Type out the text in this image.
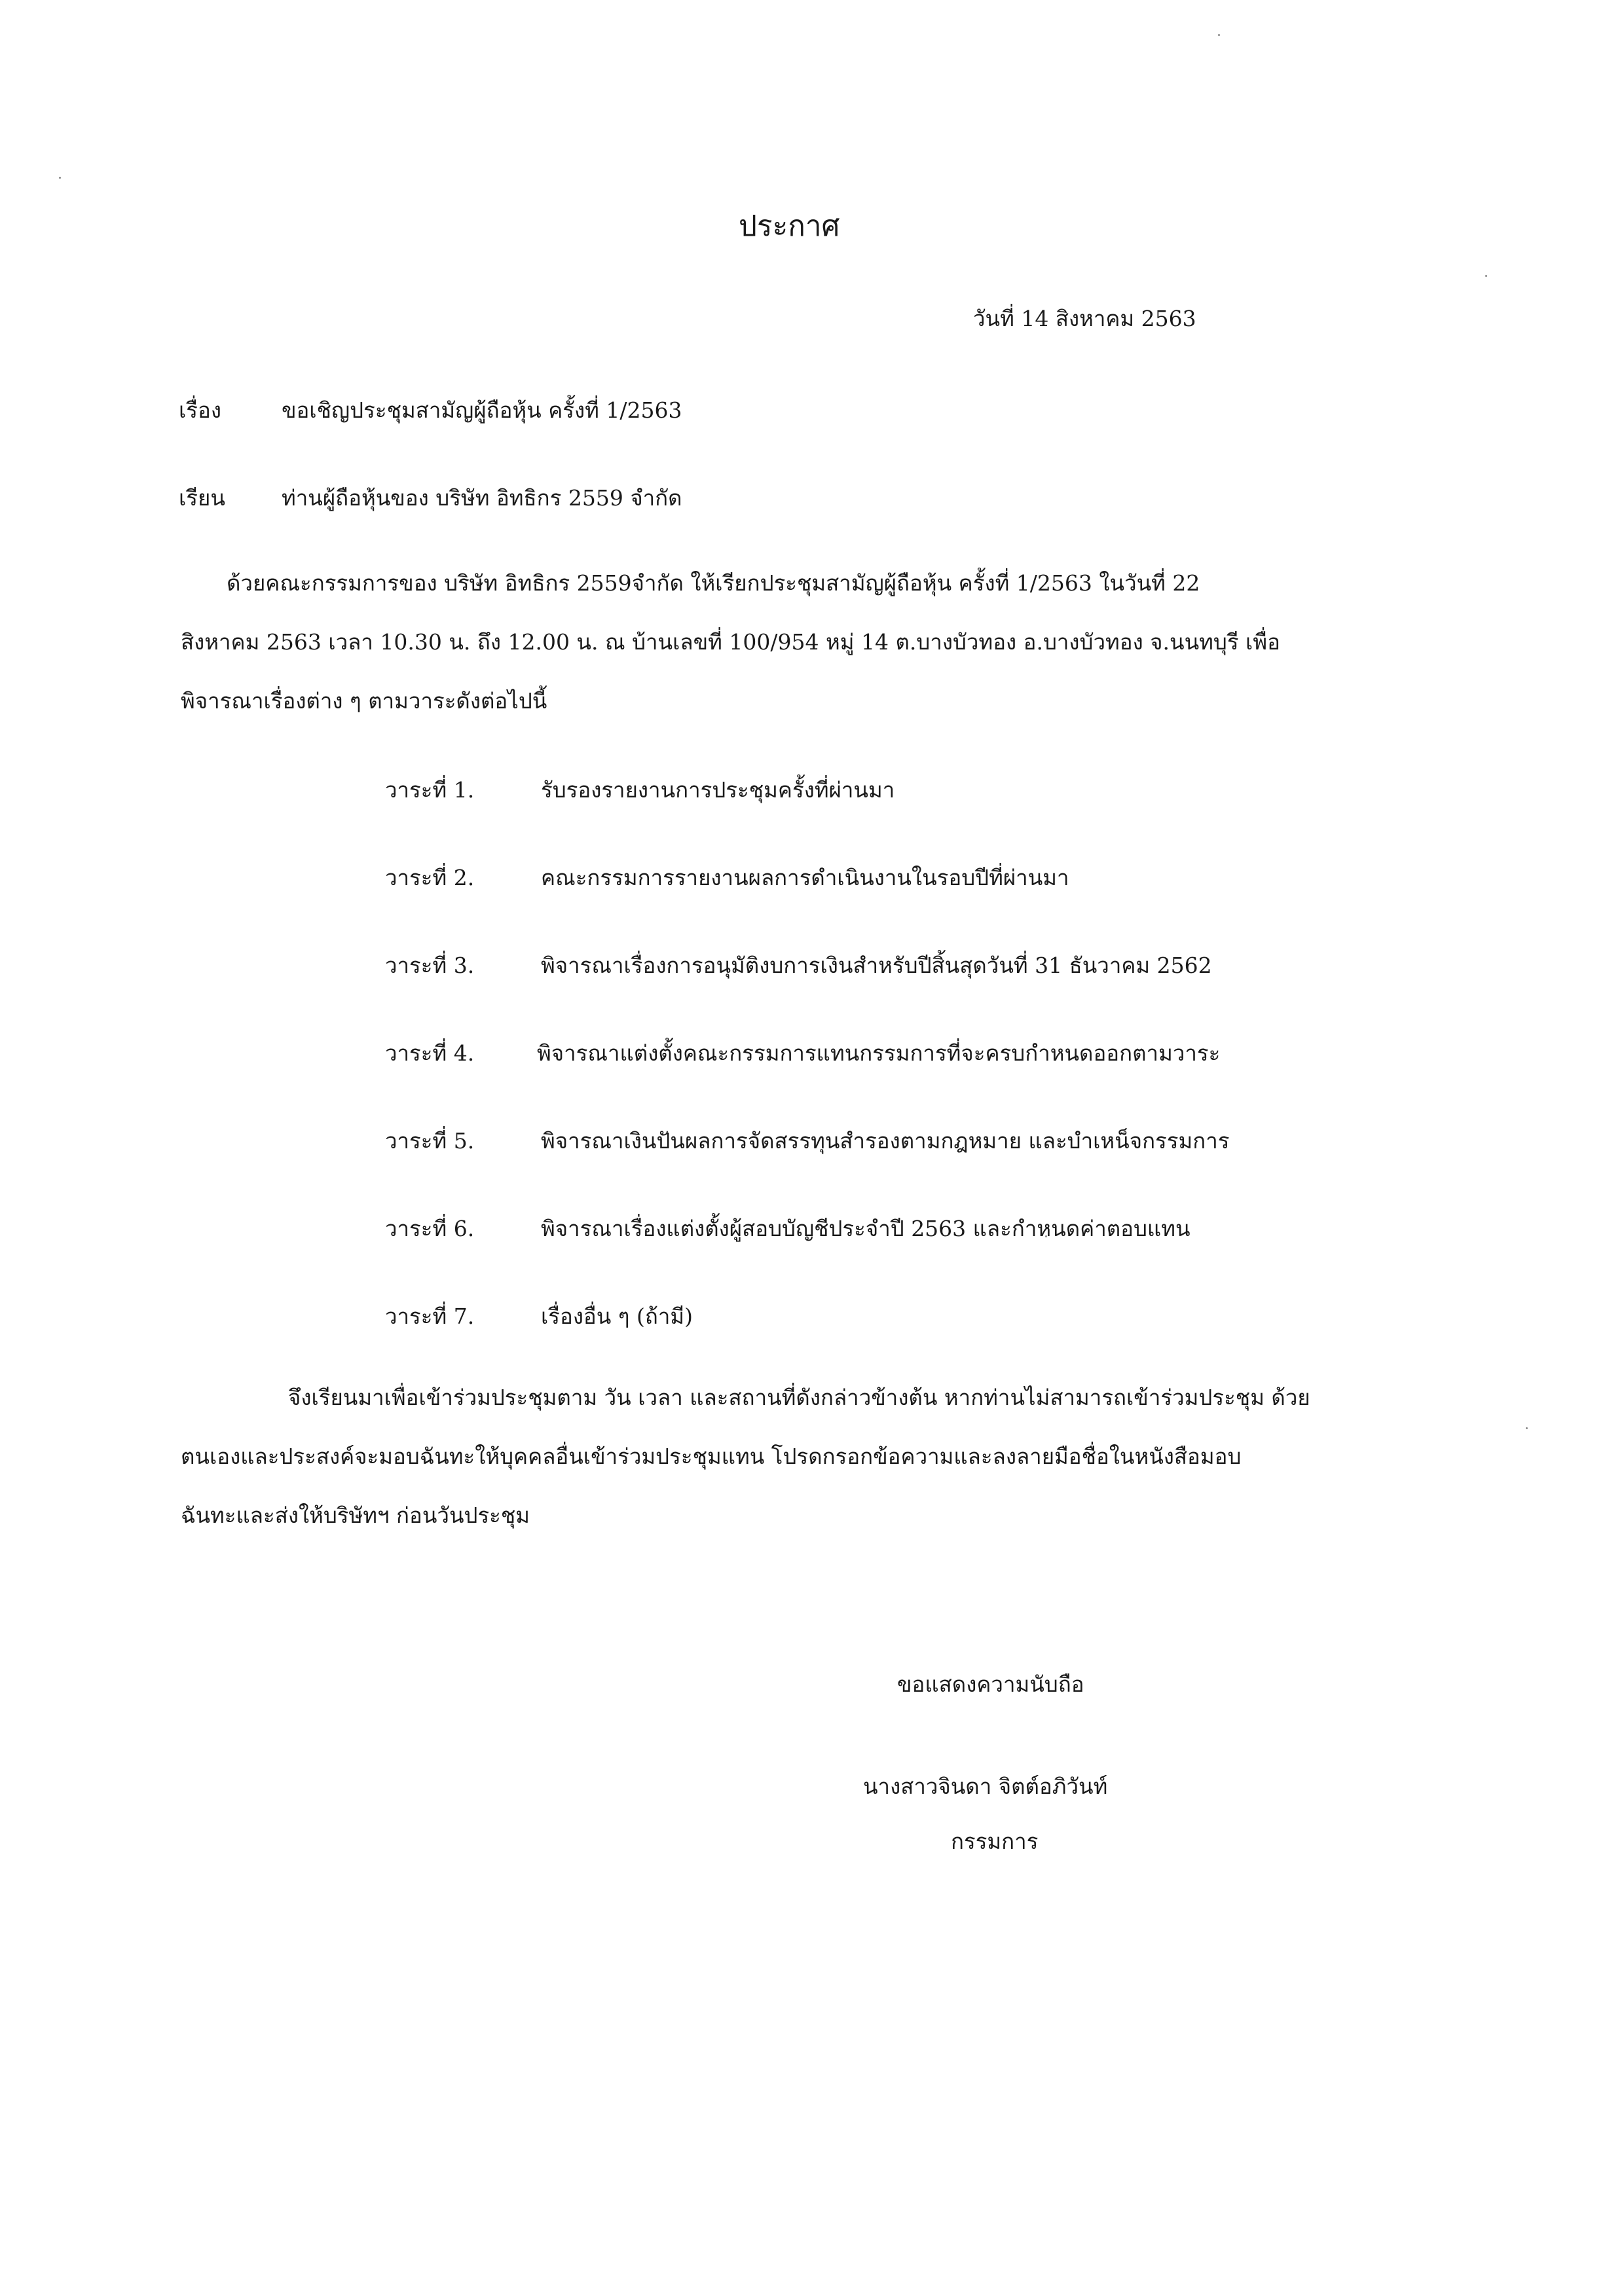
ประกาศ
วันที่ 14 สิงหาคม 2563
เรื่อง	ขอเชิญประชุมสามัญผู้ถือหุ้น ครั้งที่ 1/2563
เรียน	ท่านผู้ถือหุ้นของ บริษัท อิทธิกร 2559 จำกัด
ด้วยคณะกรรมการของ บริษัท อิทธิกร 2559จำกัด ให้เรียกประชุมสามัญผู้ถือหุ้น ครั้งที่ 1/2563 ในวันที่ 22
สิงหาคม 2563 เวลา 10.30 น. ถึง 12.00 น. ณ บ้านเลขที่ 100/954 หมู่ 14 ต.บางบัวทอง อ.บางบัวทอง จ.นนทบุรี เพื่อ
พิจารณาเรื่องต่าง ๆ ตามวาระดังต่อไปนี้
วาระที่ 1.	รับรองรายงานการประชุมครั้งที่ผ่านมา
วาระที่ 2.	คณะกรรมการรายงานผลการดำเนินงานในรอบปีที่ผ่านมา
วาระที่ 3.	พิจารณาเรื่องการอนุมัติงบการเงินสำหรับปีสิ้นสุดวันที่ 31 ธันวาคม 2562
วาระที่ 4.	พิจารณาแต่งตั้งคณะกรรมการแทนกรรมการที่จะครบกำหนดออกตามวาระ
วาระที่ 5.	พิจารณาเงินปันผลการจัดสรรทุนสำรองตามกฎหมาย และบำเหน็จกรรมการ
วาระที่ 6.	พิจารณาเรื่องแต่งตั้งผู้สอบบัญชีประจำปี 2563 และกำหนดค่าตอบแทน
วาระที่ 7.	เรื่องอื่น ๆ (ถ้ามี)
จึงเรียนมาเพื่อเข้าร่วมประชุมตาม วัน เวลา และสถานที่ดังกล่าวข้างต้น หากท่านไม่สามารถเข้าร่วมประชุม ด้วย
ตนเองและประสงค์จะมอบฉันทะให้บุคคลอื่นเข้าร่วมประชุมแทน โปรดกรอกข้อความและลงลายมือชื่อในหนังสือมอบ
ฉันทะและส่งให้บริษัทฯ ก่อนวันประชุม
ขอแสดงความนับถือ
นางสาวจินดา จิตต์อภิวันท์
กรรมการ
